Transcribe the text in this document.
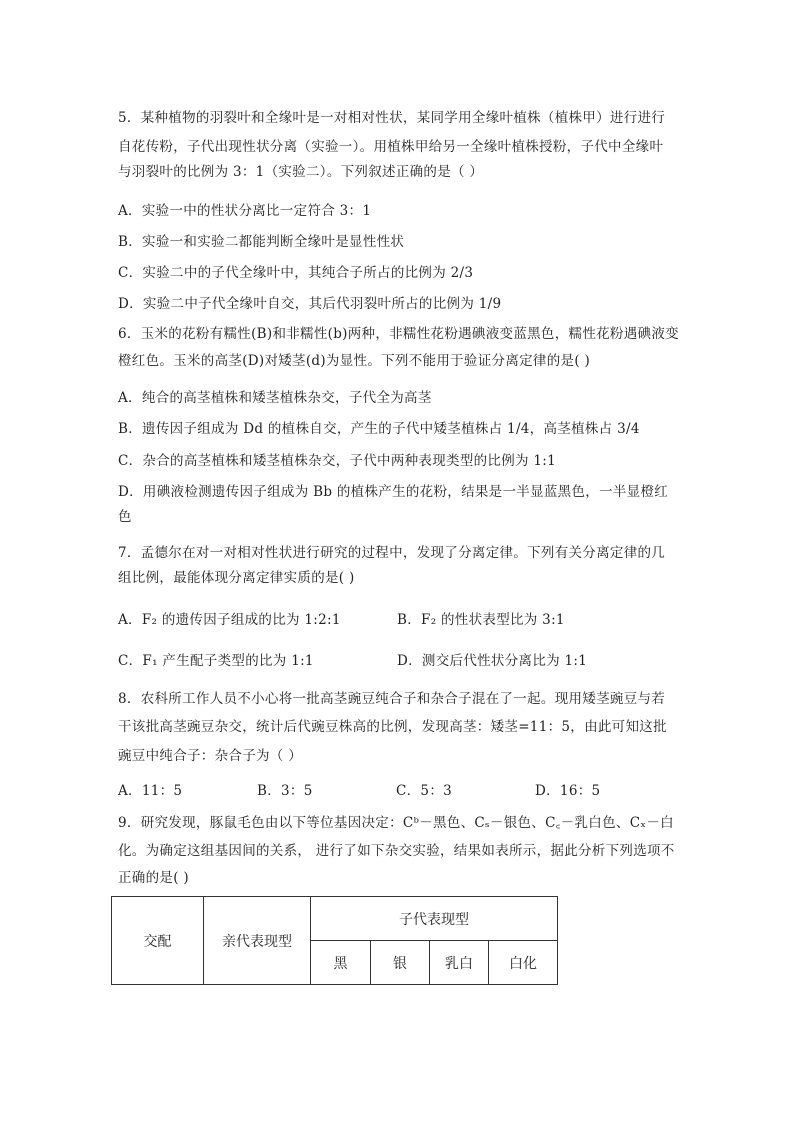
5．某种植物的羽裂叶和全缘叶是一对相对性状，某同学用全缘叶植株（植株甲）进行进行
自花传粉，子代出现性状分离（实验一）。用植株甲给另一全缘叶植株授粉，子代中全缘叶
与羽裂叶的比例为 3：1（实验二）。下列叙述正确的是（ ）
A．实验一中的性状分离比一定符合 3：1
B．实验一和实验二都能判断全缘叶是显性性状
C．实验二中的子代全缘叶中，其纯合子所占的比例为 2/3
D．实验二中子代全缘叶自交，其后代羽裂叶所占的比例为 1/9
6．玉米的花粉有糯性(B)和非糯性(b)两种，非糯性花粉遇碘液变蓝黑色，糯性花粉遇碘液变
橙红色。玉米的高茎(D)对矮茎(d)为显性。下列不能用于验证分离定律的是( )
A．纯合的高茎植株和矮茎植株杂交，子代全为高茎
B．遗传因子组成为 Dd 的植株自交，产生的子代中矮茎植株占 1/4，高茎植株占 3/4
C．杂合的高茎植株和矮茎植株杂交，子代中两种表现类型的比例为 1:1
D．用碘液检测遗传因子组成为 Bb 的植株产生的花粉，结果是一半显蓝黑色，一半显橙红
色
7．孟德尔在对一对相对性状进行研究的过程中，发现了分离定律。下列有关分离定律的几
组比例，最能体现分离定律实质的是( )
A．F₂ 的遗传因子组成的比为 1:2:1	B．F₂ 的性状表型比为 3:1
C．F₁ 产生配子类型的比为 1:1	D．测交后代性状分离比为 1:1
8．农科所工作人员不小心将一批高茎豌豆纯合子和杂合子混在了一起。现用矮茎豌豆与若
干该批高茎豌豆杂交，统计后代豌豆株高的比例，发现高茎：矮茎=11：5，由此可知这批
豌豆中纯合子：杂合子为（ ）
A．11：5	B．3：5	C．5：3	D．16：5
9．研究发现，豚鼠毛色由以下等位基因决定：Cᵇ－黑色、Cₛ－银色、C꜀－乳白色、Cₓ－白
化。为确定这组基因间的关系， 进行了如下杂交实验，结果如表所示，据此分析下列选项不
正确的是( )
交配	亲代表现型	子代表现型			
		黑	银	乳白	白化
